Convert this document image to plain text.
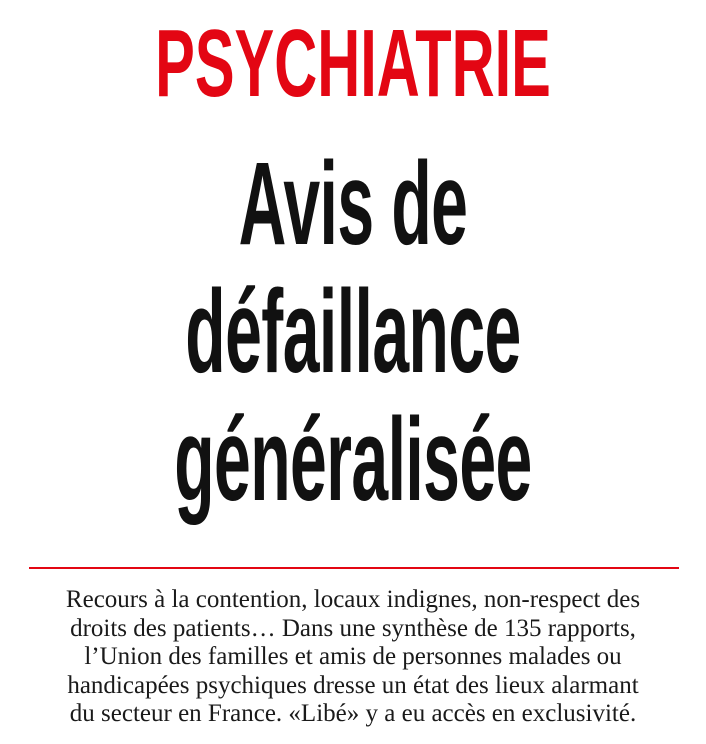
PSYCHIATRIE
Avis de
défaillance
généralisée

Recours à la contention, locaux indignes, non-respect des
droits des patients… Dans une synthèse de 135 rapports,
l’Union des familles et amis de personnes malades ou
handicapées psychiques dresse un état des lieux alarmant
du secteur en France. «Libé» y a eu accès en exclusivité.
